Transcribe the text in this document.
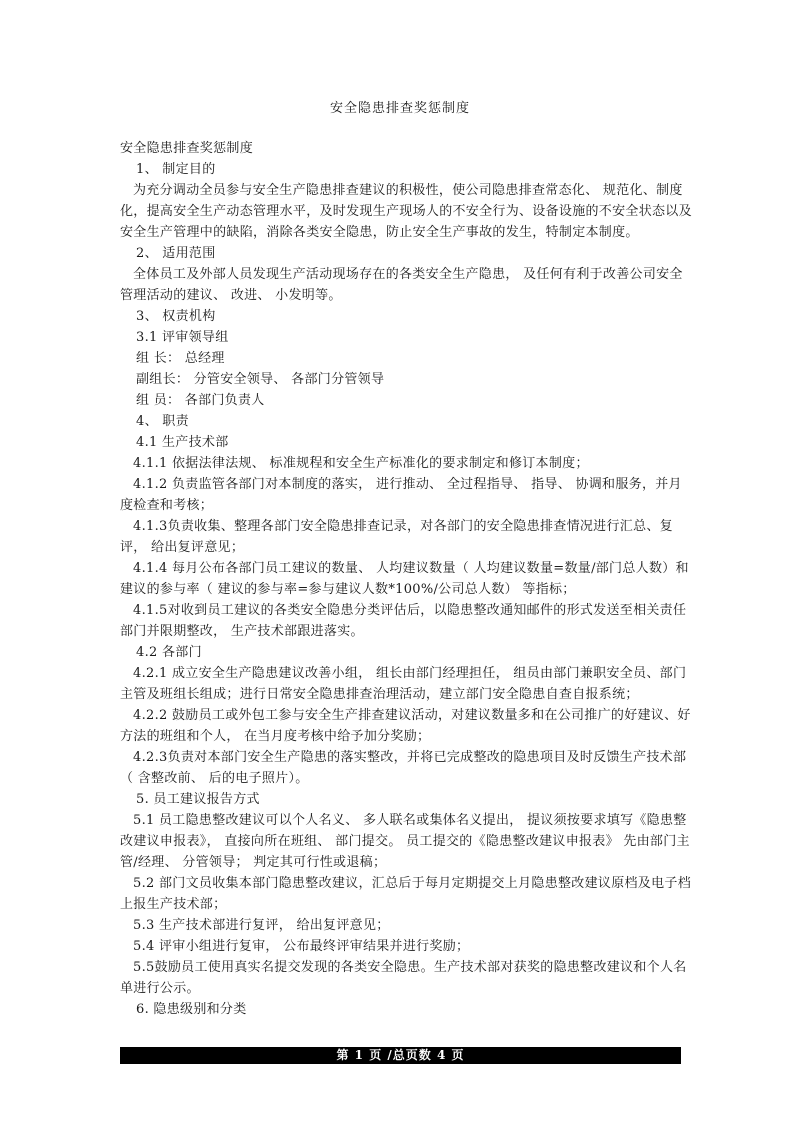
安全隐患排查奖惩制度

安全隐患排查奖惩制度

1、 制定目的

为充分调动全员参与安全生产隐患排查建议的积极性，使公司隐患排查常态化、 规范化、制度化，提高安全生产动态管理水平，及时发现生产现场人的不安全行为、设备设施的不安全状态以及安全生产管理中的缺陷，消除各类安全隐患，防止安全生产事故的发生，特制定本制度。

2、 适用范围

全体员工及外部人员发现生产活动现场存在的各类安全生产隐患， 及任何有利于改善公司安全管理活动的建议、 改进、 小发明等。

3、 权责机构

3.1 评审领导组

组 长： 总经理

副组长： 分管安全领导、 各部门分管领导

组 员： 各部门负责人

4、 职责

4.1 生产技术部

4.1.1 依据法律法规、 标准规程和安全生产标准化的要求制定和修订本制度；

4.1.2 负责监管各部门对本制度的落实， 进行推动、 全过程指导、 指导、 协调和服务，并月度检查和考核；

4.1.3负责收集、整理各部门安全隐患排查记录，对各部门的安全隐患排查情况进行汇总、复评， 给出复评意见；

4.1.4 每月公布各部门员工建议的数量、 人均建议数量（ 人均建议数量=数量/部门总人数）和建议的参与率（ 建议的参与率=参与建议人数*100%/公司总人数） 等指标；

4.1.5对收到员工建议的各类安全隐患分类评估后，以隐患整改通知邮件的形式发送至相关责任部门并限期整改， 生产技术部跟进落实。

4.2 各部门

4.2.1 成立安全生产隐患建议改善小组， 组长由部门经理担任， 组员由部门兼职安全员、部门主管及班组长组成；进行日常安全隐患排查治理活动，建立部门安全隐患自查自报系统；

4.2.2 鼓励员工或外包工参与安全生产排查建议活动，对建议数量多和在公司推广的好建议、好方法的班组和个人， 在当月度考核中给予加分奖励；

4.2.3负责对本部门安全生产隐患的落实整改，并将已完成整改的隐患项目及时反馈生产技术部（ 含整改前、 后的电子照片）。

5. 员工建议报告方式

5.1 员工隐患整改建议可以个人名义、 多人联名或集体名义提出， 提议须按要求填写《隐患整改建议申报表》， 直接向所在班组、 部门提交。 员工提交的《隐患整改建议申报表》 先由部门主管/经理、 分管领导； 判定其可行性或退稿；

5.2 部门文员收集本部门隐患整改建议，汇总后于每月定期提交上月隐患整改建议原档及电子档上报生产技术部；

5.3 生产技术部进行复评， 给出复评意见；

5.4 评审小组进行复审， 公布最终评审结果并进行奖励；

5.5鼓励员工使用真实名提交发现的各类安全隐患。生产技术部对获奖的隐患整改建议和个人名单进行公示。

6. 隐患级别和分类

第 1 页 /总页数 4 页
